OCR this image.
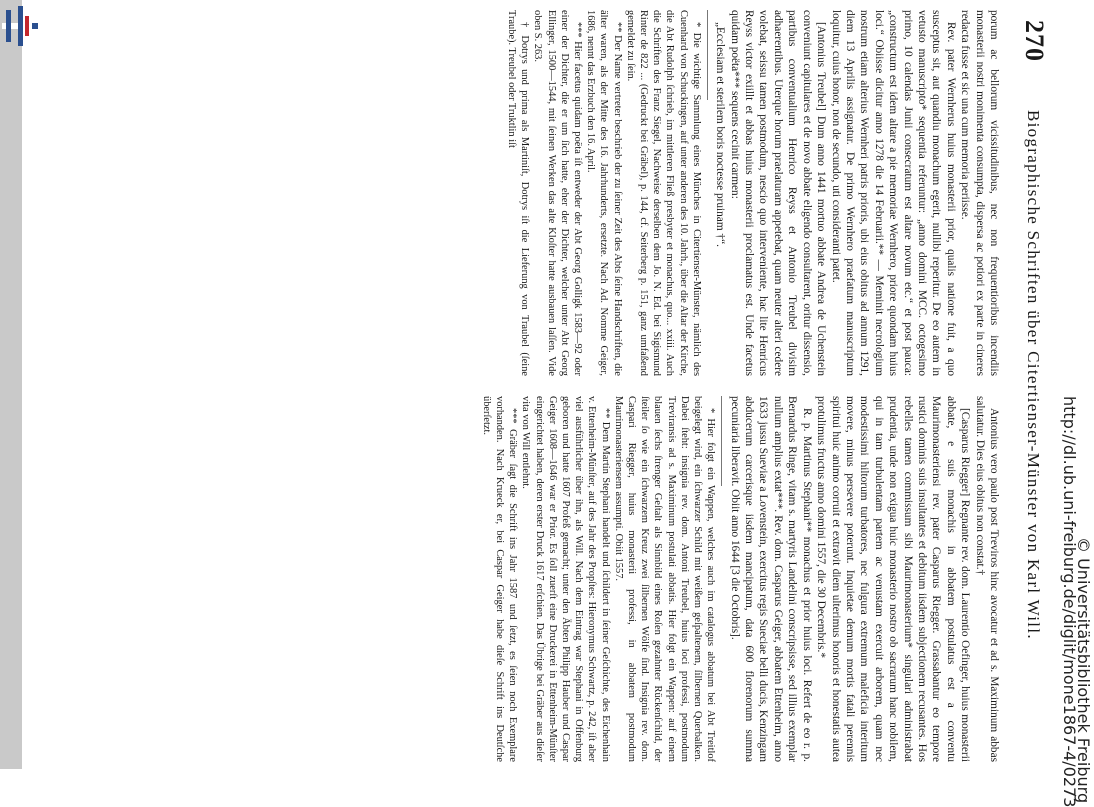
270
Biographische Schriften über Citertienser-Münster von Karl Will.

porum ac bellorum vicissitudinibus, nec non frequentioribus incendiis monasterii nostri monimenta consumpta, dispersa ac potiori ex parte in cineres redacta fusse et sic una cum memoria periisse.

Rev. pater Wernherus huius monasterii prior, qualis natione fuit, a quo susceptus sit, aut quandiu monachum egerit, nullibi reperitur. De eo autem in vetusto manuscripto* sequentia referuntur: „anno domini MCC. octogesimo primo, 10 calendas Junii consecratum est altare novum etc.“ et post pauca: „constructum est idem altare a pie memoriae Wernhero, priore quondam huius loci.“ Obiisse dicitur anno 1278 die 14 Februarii.** — Meminit necrologium nostrum etiam alterius Wernheri patris prioris, ubi eius obitus ad annum 1291, diem 13 Aprilis assignatur. De primo Wernhero praefatum manuscriptum loquitur, cuius honor, non de secundo, uti consideranti patet.

[Antonius Treubel] Dum anno 1441 mortuo abbate Andrea de Uchenstein conveniunt capitulares et de novo abbate eligendo consultarent, oritur dissensio, partibus conventualium Henrico Reyss et Antonio Treubel divisim adhaerentibus. Uterque horum praelaturam appetebat, quam neuter alteri cedere volebat, seissu tamen postmodum, nescio quo interveniente, hac lite Henricus Reyss victor exiillt et abbas huius monasterii proclamatus est. Unde facetus quidam poëta*** sequens cecinit carmen:

„Ecclesiam et sterilem boris noctesse pruinam †“.

* Die wichtige Sammlung eines Münches in Citertienser-Münster, nämlich des Cuenhard von Schuckingen, auf unter anderen des 10. Jahrh., über die Altar der Kirche, die Abt Rudolph ſchrieb, im mittleren Fließ presbyter et monachus, quo... xxiii. Auch die Schriften des Franz Siegel, Nachweise derselben dem Jo. N. Ed. bei Sigismund Rinter de 822 ... (Gedruckt bei Gräbel), p. 144, cf. Seiterberg p. 151, ganz umfaßend gemeldet zu ſein.

** Der Name vertreter beschrieb der zu ſeiner Zeit des Abts ſeine Handschriften, die älter waren, als der Mitte des 16. Jahrhunderts, ersetzte. Nach Ad. Nomme Geiger, 1686, nennt das Erzbuch den 16. April.

*** Hier facetus quidam poëta iſt entweder der Abt Georg Golligk 1583—92 oder einer der Dichter, die er um ſich hatte, eher der Dichter, welcher unter Abt Georg Ellinger, 1500—1544, mit ſeinen Werken das alte Kloſter hatte ausbauen laſſen. Vide oben S. 263.

† Dotrys und prima als Martiniſt, Dotrys iſt die Lieferung von Traubel (ſeine Traube). Treubel oder Truktlin iſt

Antonius vero paulo post Treviros hinc avocatur et ad s. Maximinum abbas salutatur. Dies eius obitus non constat.†

[Casparus Riegger] Regnante rev. dom. Laurentio Oefinger, huius monasterii abbate, e suis monachis in abbatem postulatus est a conventu Maurimonasteriensi rev. pater Casparus Riegger. Grassabantur eo tempore rustici dominis suis insultantes et debitum iisdem subjectionem recusantes. Hos rebelles tamen commissum sibi Maurimonasterium* singulari administrabat prudentia, unde non exigua huic monasterio nostro ob sacrarum hanc nobilem, qui in tam turbulentam partem ac venustam exercuit arborem, quam nec modestissimi hiltorum turbatores, nec fulgura extremum maleficia interitum movere, minus persevere poterunt. Inquietae demum mortis fatali perennis spiritui huic animo corruit et extravit diem ulterimus honoris et honestatis autea protulimus fructus anno domini 1557, die 30 Decembris.*

R. p. Martinus Stephani** monachus et prior huius loci. Refert de eo r. p. Bernardus Ringe, vitam s. martyris Landelini conscripsisse, sed illius exemplar nullum amplius extat***. Rev. dom. Casparus Geiger, abbatem Ettenheim, anno 1633 jussu Sueviae a Lovenstein, exercitus regis Sueciae belli ducis, Kenzingam abducerum carcerisque iisdem mancipatum, data 600 florenorum summa pecuniaria liberavit. Obiit anno 1644 [3 die Octobris].

* Hier folgt ein Wappen, welches auch im catalogus abbatum bei Abt Treitlof beigelegt wird, ein ſchwarzer Schild mit weißem geſpaltenem, ſilbernen Querbalken. Dabei ſteht: insignia rev. dom. Antoni Treubel, huius loci professi, postmodum Treviransis ad s. Maximinum postulati abbatis. Hier folgt ein Wappen: auf einem blauen ſechs ſtrenger Geſtalt als Sinnbild eines Roſen gezahnter Rückenſchild, der ſteiler ſo wie ein ſchwarzem Kreuz zwei ſilbernen Wölfe ſind. Insignia rev. dom. Caspari Riegger, huius monasterii professi, in abbatem postmodum Maurimonasteriensem assumpti. Obiit 1557.

** Dem Martin Stephani handelt und ſchildert in ſeiner Geſchichte, des Eichenhain v. Ettenheim-Münſter, auf des Jahr des Propſtes: Hieronymus Schwartz, p. 242, iſt aber viel ausführlicher über ihn, als Will. Nach dem Eintrag war Stephani in Offenburg geboren und hatte 1607 Profeß gemacht; unter den Äbten Philipp Hauber und Caspar Geiger 1608—1646 war er Prior. Es ſoll zuerſt eine Druckerei in Ettenheim-Münſter eingerichtet haben, deren erster Druck 1617 erſchien. Das Übrige bei Gräber aus dieſer vita von Will entlehnt.

*** Gräber ſagt die Schrift ins Jahr 1587 und ſetzt, es ſeien noch Exemplare vorhanden. Nach Krueck er, bei Caspar Geiger habe dieſe Schrift ins Deutſche überſetzt.	http://dl.ub.uni-freiburg.de/diglit/mone1867-4/0273
© Universitätsbibliothek Freiburg
